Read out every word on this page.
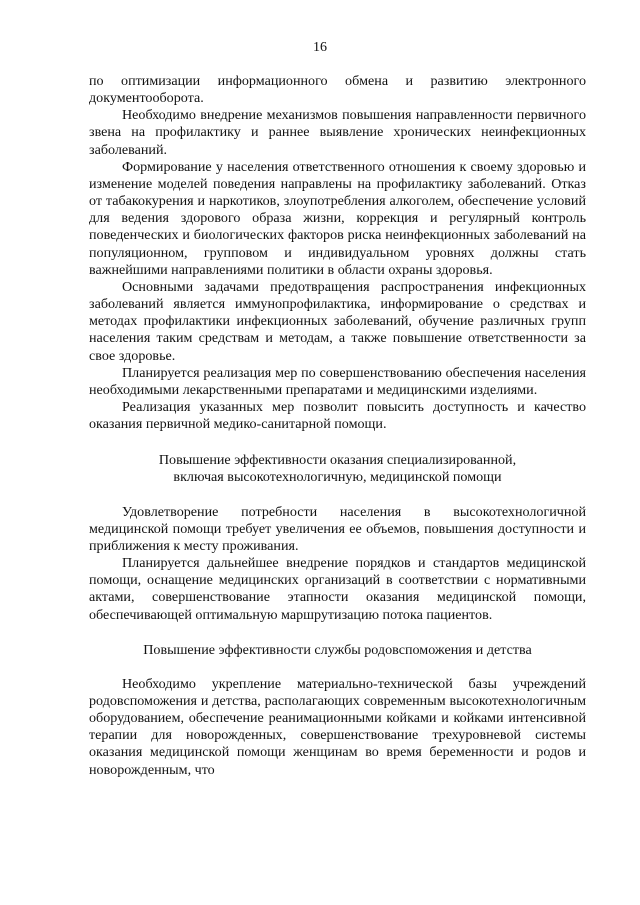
16

по оптимизации информационного обмена и развитию электронного документооборота.

Необходимо внедрение механизмов повышения направленности первичного звена на профилактику и раннее выявление хронических неинфекционных заболеваний.

Формирование у населения ответственного отношения к своему здоровью и изменение моделей поведения направлены на профилактику заболеваний. Отказ от табакокурения и наркотиков, злоупотребления алкоголем, обеспечение условий для ведения здорового образа жизни, коррекция и регулярный контроль поведенческих и биологических факторов риска неинфекционных заболеваний на популяционном, групповом и индивидуальном уровнях должны стать важнейшими направлениями политики в области охраны здоровья.

Основными задачами предотвращения распространения инфекционных заболеваний является иммунопрофилактика, информирование о средствах и методах профилактики инфекционных заболеваний, обучение различных групп населения таким средствам и методам, а также повышение ответственности за свое здоровье.

Планируется реализация мер по совершенствованию обеспечения населения необходимыми лекарственными препаратами и медицинскими изделиями.

Реализация указанных мер позволит повысить доступность и качество оказания первичной медико-санитарной помощи.

Повышение эффективности оказания специализированной,
включая высокотехнологичную, медицинской помощи

Удовлетворение потребности населения в высокотехнологичной медицинской помощи требует увеличения ее объемов, повышения доступности и приближения к месту проживания.

Планируется дальнейшее внедрение порядков и стандартов медицинской помощи, оснащение медицинских организаций в соответствии с нормативными актами, совершенствование этапности оказания медицинской помощи, обеспечивающей оптимальную маршрутизацию потока пациентов.

Повышение эффективности службы родовспоможения и детства

Необходимо укрепление материально-технической базы учреждений родовспоможения и детства, располагающих современным высокотехнологичным оборудованием, обеспечение реанимационными койками и койками интенсивной терапии для новорожденных, совершенствование трехуровневой системы оказания медицинской помощи женщинам во время беременности и родов и новорожденным, что
